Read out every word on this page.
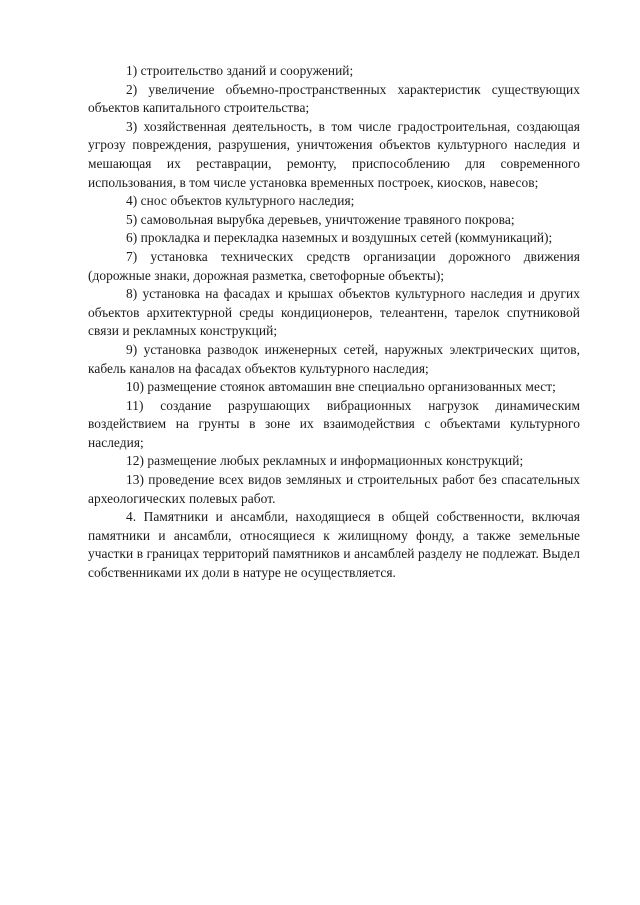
1) строительство зданий и сооружений;

2) увеличение объемно-пространственных характеристик существующих объектов капитального строительства;

3) хозяйственная деятельность, в том числе градостроительная, создающая угрозу повреждения, разрушения, уничтожения объектов культурного наследия и мешающая их реставрации, ремонту, приспособлению для современного использования, в том числе установка временных построек, киосков, навесов;

4) снос объектов культурного наследия;

5) самовольная вырубка деревьев, уничтожение травяного покрова;

6) прокладка и перекладка наземных и воздушных сетей (коммуникаций);

7) установка технических средств организации дорожного движения (дорожные знаки, дорожная разметка, светофорные объекты);

8) установка на фасадах и крышах объектов культурного наследия и других объектов архитектурной среды кондиционеров, телеантенн, тарелок спутниковой связи и рекламных конструкций;

9) установка разводок инженерных сетей, наружных электрических щитов, кабель каналов на фасадах объектов культурного наследия;

10) размещение стоянок автомашин вне специально организованных мест;

11) создание разрушающих вибрационных нагрузок динамическим воздействием на грунты в зоне их взаимодействия с объектами культурного наследия;

12) размещение любых рекламных и информационных конструкций;

13) проведение всех видов земляных и строительных работ без спасательных археологических полевых работ.

4. Памятники и ансамбли, находящиеся в общей собственности, включая памятники и ансамбли, относящиеся к жилищному фонду, а также земельные участки в границах территорий памятников и ансамблей разделу не подлежат. Выдел собственниками их доли в натуре не осуществляется.
